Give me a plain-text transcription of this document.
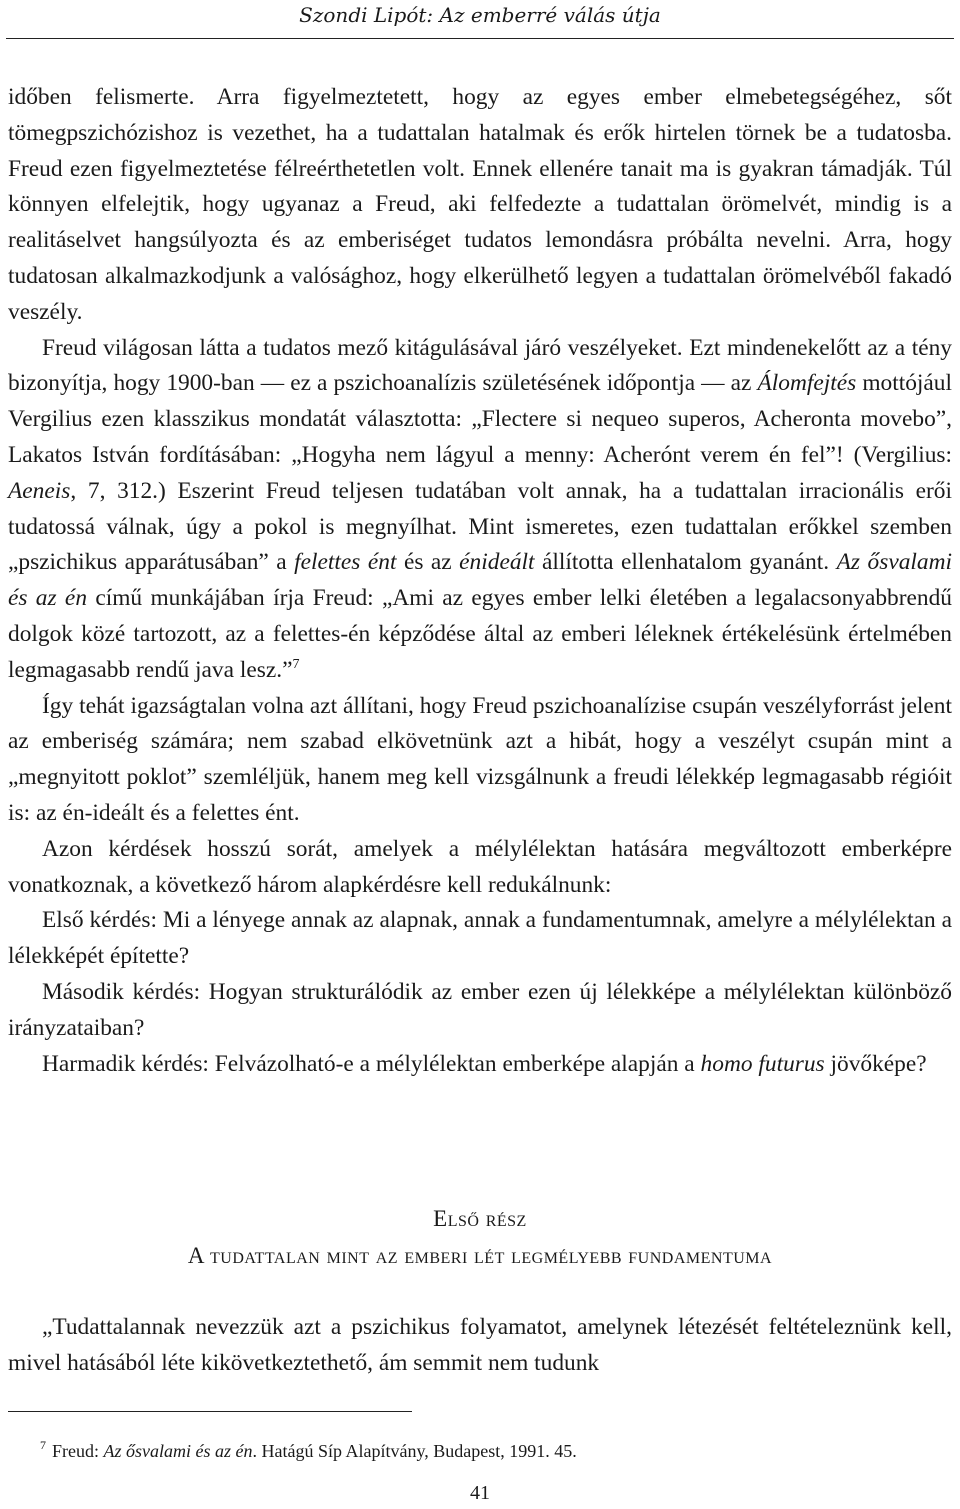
Szondi Lipót: Az emberré válás útja

időben felismerte. Arra figyelmeztetett, hogy az egyes ember elmebetegségéhez, sőt tömegpszichózishoz is vezethet, ha a tudattalan hatalmak és erők hirtelen törnek be a tudatosba. Freud ezen figyelmeztetése félreérthetetlen volt. Ennek ellenére tanait ma is gyakran támadják. Túl könnyen elfelejtik, hogy ugyanaz a Freud, aki felfedezte a tudattalan örömelvét, mindig is a realitáselvet hangsúlyozta és az emberiséget tudatos lemondásra próbálta nevelni. Arra, hogy tudatosan alkalmazkodjunk a valósághoz, hogy elkerülhető legyen a tudattalan örömelvéből fakadó veszély.

Freud világosan látta a tudatos mező kitágulásával járó veszélyeket. Ezt mindenekelőtt az a tény bizonyítja, hogy 1900-ban — ez a pszichoanalízis születésének időpontja — az Álomfejtés mottójául Vergilius ezen klasszikus mondatát választotta: „Flectere si nequeo superos, Acheronta movebo”, Lakatos István fordításában: „Hogyha nem lágyul a menny: Acherónt verem én fel”! (Vergilius: Aeneis, 7, 312.) Eszerint Freud teljesen tudatában volt annak, ha a tudattalan irracionális erői tudatossá válnak, úgy a pokol is megnyílhat. Mint ismeretes, ezen tudattalan erőkkel szemben „pszichikus apparátusában” a felettes ént és az énideált állította ellenhatalom gyanánt. Az ősvalami és az én című munkájában írja Freud: „Ami az egyes ember lelki életében a legalacsonyabbrendű dolgok közé tartozott, az a felettes-én képződése által az emberi léleknek értékelésünk értelmében legmagasabb rendű java lesz.”$^7$

Így tehát igazságtalan volna azt állítani, hogy Freud pszichoanalízise csupán veszélyforrást jelent az emberiség számára; nem szabad elkövetnünk azt a hibát, hogy a veszélyt csupán mint a „megnyitott poklot” szemléljük, hanem meg kell vizsgálnunk a freudi lélekkép legmagasabb régióit is: az én-ideált és a felettes ént.

Azon kérdések hosszú sorát, amelyek a mélylélektan hatására megváltozott emberképre vonatkoznak, a következő három alapkérdésre kell redukálnunk:

Első kérdés: Mi a lényege annak az alapnak, annak a fundamentumnak, amelyre a mélylélektan a lélekképét építette?

Második kérdés: Hogyan strukturálódik az ember ezen új lélekképe a mélylélektan különböző irányzataiban?

Harmadik kérdés: Felvázolható-e a mélylélektan emberképe alapján a homo futurus jövőképe?

Első rész
A tudattalan mint az emberi lét legmélyebb fundamentuma

„Tudattalannak nevezzük azt a pszichikus folyamatot, amelynek létezését feltételeznünk kell, mivel hatásából léte kikövetkeztethető, ám semmit nem tudunk

$^7$ Freud: Az ősvalami és az én. Hatágú Síp Alapítvány, Budapest, 1991. 45.
41
